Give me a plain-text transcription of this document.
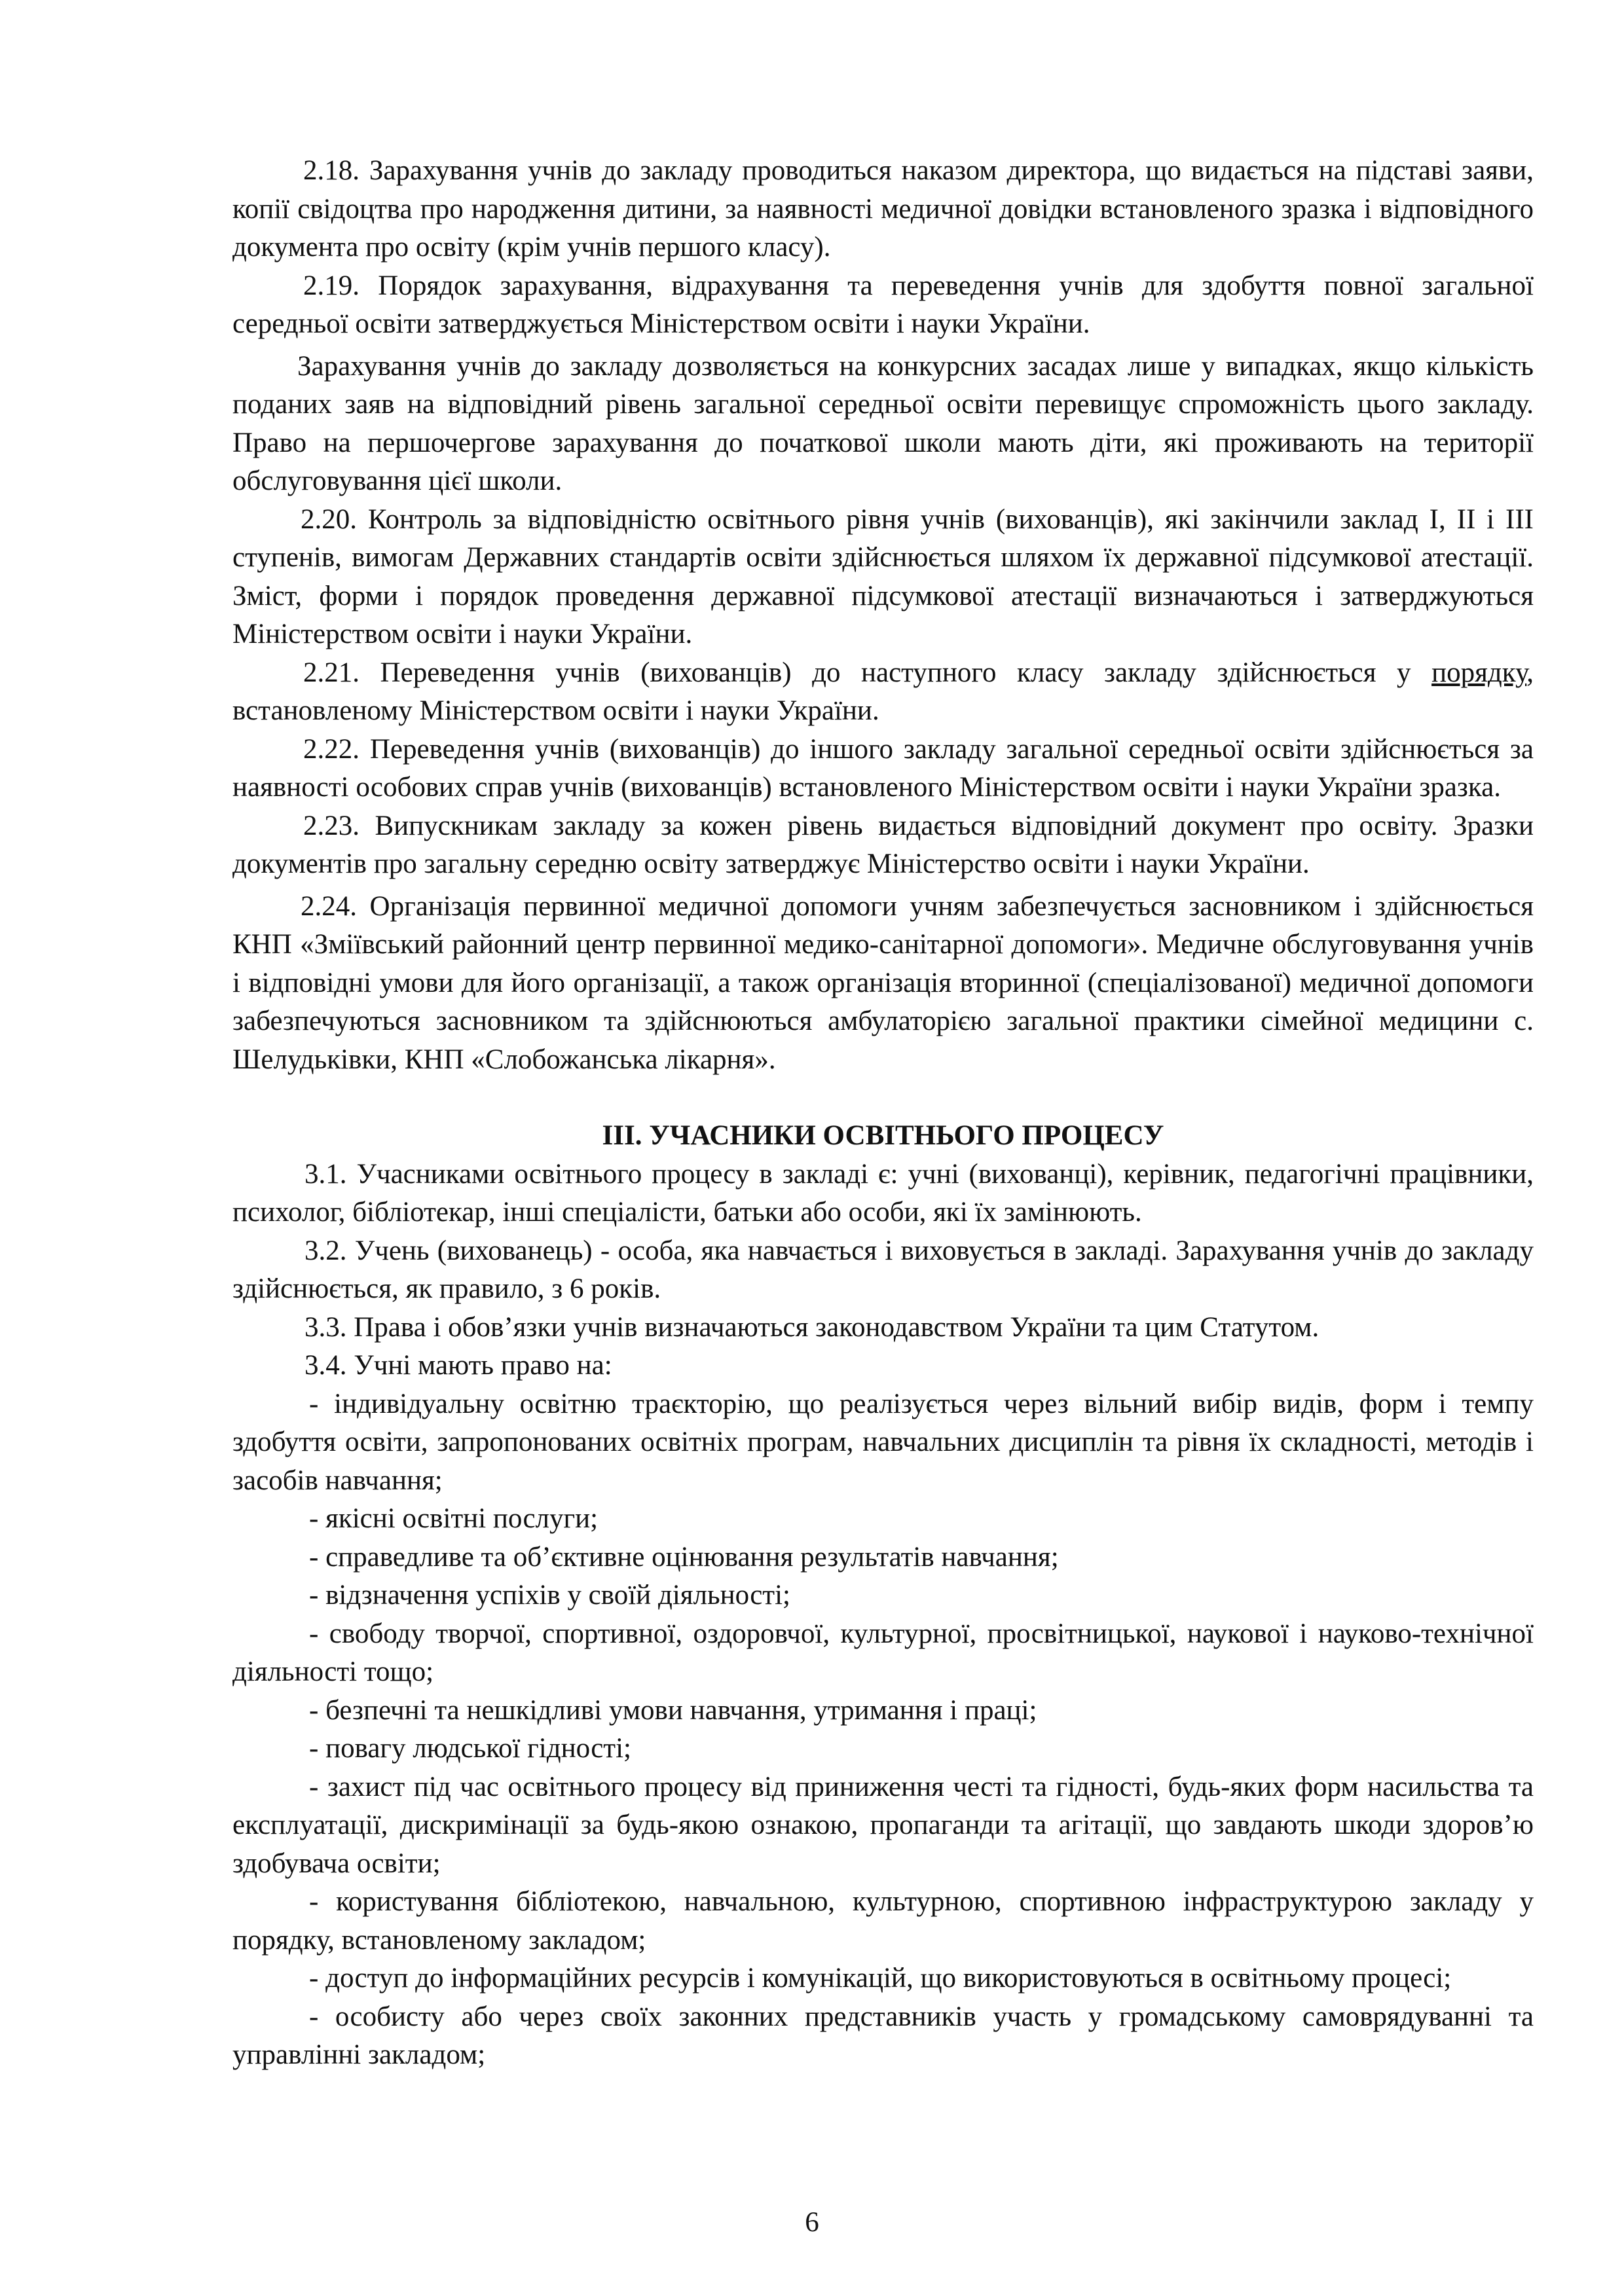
2.18. Зарахування учнів до закладу проводиться наказом директора, що видається на підставі заяви, копії свідоцтва про народження дитини, за наявності медичної довідки встановленого зразка і відповідного документа про освіту (крім учнів першого класу).

2.19. Порядок зарахування, відрахування та переведення учнів для здобуття повної загальної середньої освіти затверджується Міністерством освіти і науки України.

Зарахування учнів до закладу дозволяється на конкурсних засадах лише у випадках, якщо кількість поданих заяв на відповідний рівень загальної середньої освіти перевищує спроможність цього закладу. Право на першочергове зарахування до початкової школи мають діти, які проживають на території обслуговування цієї школи.

2.20. Контроль за відповідністю освітнього рівня учнів (вихованців), які закінчили заклад І, ІІ і ІІІ ступенів, вимогам Державних стандартів освіти здійснюється шляхом їх державної підсумкової атестації. Зміст, форми і порядок проведення державної підсумкової атестації визначаються і затверджуються Міністерством освіти і науки України.

2.21. Переведення учнів (вихованців) до наступного класу закладу здійснюється у порядку, встановленому Міністерством освіти і науки України.

2.22. Переведення учнів (вихованців) до іншого закладу загальної середньої освіти здійснюється за наявності особових справ учнів (вихованців) встановленого Міністерством освіти і науки України зразка.

2.23. Випускникам закладу за кожен рівень видається відповідний документ про освіту. Зразки документів про загальну середню освіту затверджує Міністерство освіти і науки України.

2.24. Організація первинної медичної допомоги учням забезпечується засновником і здійснюється КНП «Зміївський районний центр первинної медико-санітарної допомоги». Медичне обслуговування учнів і відповідні умови для його організації, а також організація вторинної (спеціалізованої) медичної допомоги забезпечуються засновником та здійснюються амбулаторією загальної практики сімейної медицини с. Шелудьківки, КНП «Слобожанська лікарня».

ІІІ. УЧАСНИКИ ОСВІТНЬОГО ПРОЦЕСУ

3.1. Учасниками освітнього процесу в закладі є: учні (вихованці), керівник, педагогічні працівники, психолог, бібліотекар, інші спеціалісти, батьки або особи, які їх замінюють.

3.2. Учень (вихованець) - особа, яка навчається і виховується в закладі. Зарахування учнів до закладу здійснюється, як правило, з 6 років.

3.3. Права і обов’язки учнів визначаються законодавством України та цим Статутом.

3.4. Учні мають право на:

- індивідуальну освітню траєкторію, що реалізується через вільний вибір видів, форм і темпу здобуття освіти, запропонованих освітніх програм, навчальних дисциплін та рівня їх складності, методів і засобів навчання;

- якісні освітні послуги;

- справедливе та об’єктивне оцінювання результатів навчання;

- відзначення успіхів у своїй діяльності;

- свободу творчої, спортивної, оздоровчої, культурної, просвітницької, наукової і науково-технічної діяльності тощо;

- безпечні та нешкідливі умови навчання, утримання і праці;

- повагу людської гідності;

- захист під час освітнього процесу від приниження честі та гідності, будь-яких форм насильства та експлуатації, дискримінації за будь-якою ознакою, пропаганди та агітації, що завдають шкоди здоров’ю здобувача освіти;

- користування бібліотекою, навчальною, культурною, спортивною інфраструктурою закладу у порядку, встановленому закладом;

- доступ до інформаційних ресурсів і комунікацій, що використовуються в освітньому процесі;

- особисту або через своїх законних представників участь у громадському самоврядуванні та управлінні закладом;

6
